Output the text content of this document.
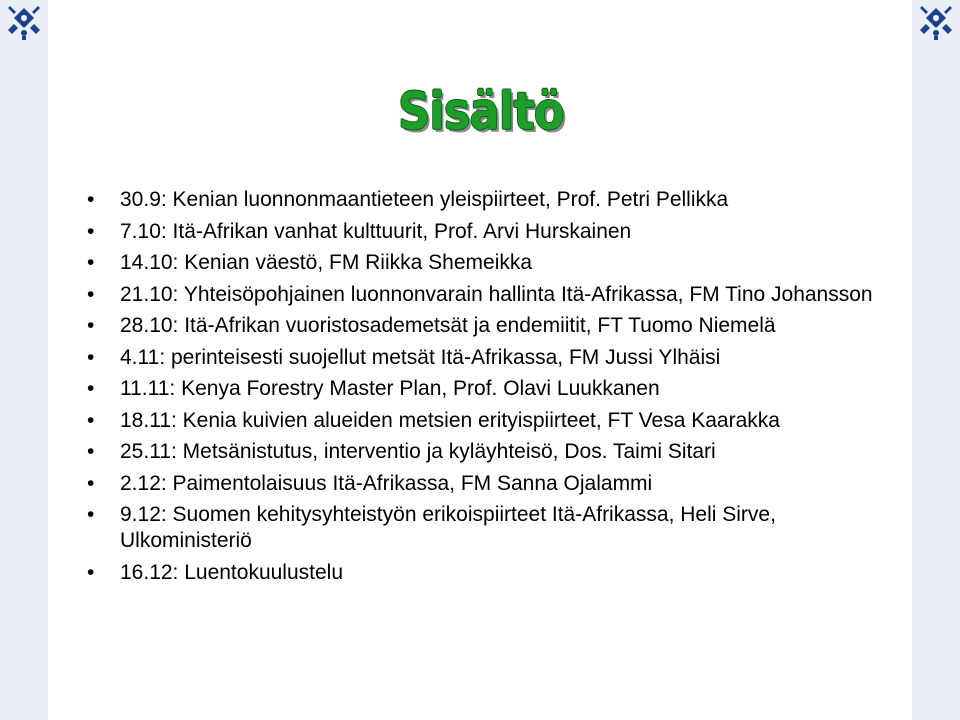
Sisältö
• 30.9: Kenian luonnonmaantieteen yleispiirteet, Prof. Petri Pellikka
• 7.10: Itä-Afrikan vanhat kulttuurit, Prof. Arvi Hurskainen
• 14.10: Kenian väestö, FM Riikka Shemeikka
• 21.10: Yhteisöpohjainen luonnonvarain hallinta Itä-Afrikassa, FM Tino Johansson
• 28.10: Itä-Afrikan vuoristosademetsät ja endemiitit, FT Tuomo Niemelä
• 4.11: perinteisesti suojellut metsät Itä-Afrikassa, FM Jussi Ylhäisi
• 11.11: Kenya Forestry Master Plan, Prof. Olavi Luukkanen
• 18.11: Kenia kuivien alueiden metsien erityispiirteet, FT Vesa Kaarakka
• 25.11: Metsänistutus, interventio ja kyläyhteisö, Dos. Taimi Sitari
• 2.12: Paimentolaisuus Itä-Afrikassa, FM Sanna Ojalammi
• 9.12: Suomen kehitysyhteistyön erikoispiirteet Itä-Afrikassa, Heli Sirve, Ulkoministeriö
• 16.12: Luentokuulustelu
